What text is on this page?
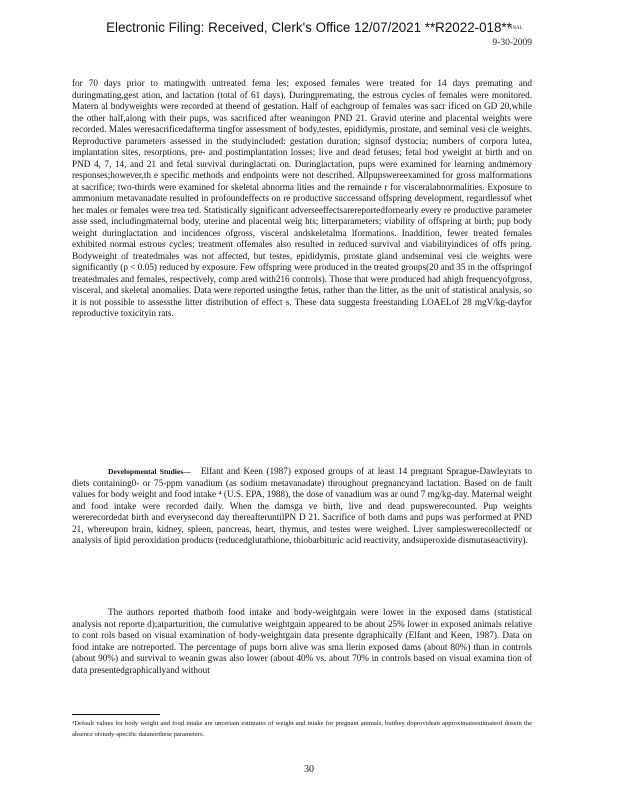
Electronic Filing: Received, Clerk's Office 12/07/2021 **R2022-018**
FINAL
9-30-2009

for 70 days prior to matingwith untreated fema les; exposed females were treated for 14 days premating and duringmating,gest ation, and lactation (total of 61 days). Duringpremating, the estrous cycles of females were monitored. Matern al bodyweights were recorded at theend of gestation. Half of eachgroup of females was sacr ificed on GD 20,while the other half,along with their pups, was sacrificed after weaningon PND 21. Gravid uterine and placental weights were recorded. Males weresacrificedafterma tingfor assessment of body,testes, epididymis, prostate, and seminal vesi cle weights. Reproductive parameters assessed in the studyincluded: gestation duration; signsof dystocia; numbers of corpora lutea, implantation sites, resorptions, pre- and postimplantation losses; live and dead fetuses; fetal bod yweight at birth and on PND 4, 7, 14, and 21 and fetal survival duringlactati on. Duringlactation, pups were examined for learning andmemory responses;however,th e specific methods and endpoints were not described. Allpupswereexamined for gross malformations at sacrifice; two-thirds were examined for skeletal abnorma lities and the remainde r for visceralabnormalities. Exposure to ammonium metavanadate resulted in profoundeffects on re productive successand offspring development, regardlessof whet her males or females were trea ted. Statistically significant adverseeffectsarereportedfornearly every re productive parameter asse ssed, includingmaternal body, uterine and placental weig hts; litterparameters; viability of offspring at birth; pup body weight duringlactation and incidences ofgross, visceral andskeletalma lformations. Inaddition, fewer treated females exhibited normal estrous cycles; treatment offemales also resulted in reduced survival and viabilityindices of offs pring. Bodyweight of treatedmales was not affected, but testes, epididymis, prostate gland andseminal vesi cle weights were significantly (p < 0.05) reduced by exposure. Few offspring were produced in the treated groups(20 and 35 in the offspringof treatedmales and females, respectively, comp ared with216 controls). Those that were produced had ahigh frequencyofgross, visceral, and skeletal anomalies. Data were reported usingthe fetus, rather than the litter, as the unit of statistical analysis, so it is not possible to assessthe litter distribution of effect s. These data suggesta freestanding LOAELof 28 mgV/kg-dayfor reproductive toxicityin rats.

Developmental Studies— Elfant and Keen (1987) exposed groups of at least 14 pregnant Sprague-Dawleyrats to diets containing0- or 75-ppm vanadium (as sodium metavanadate) throughout pregnancyand lactation. Based on de fault values for body weight and food intake ⁴ (U.S. EPA, 1988), the dose of vanadium was ar ound 7 mg/kg-day. Maternal weight and food intake were recorded daily. When the damsga ve birth, live and dead pupswerecounted. Pup weights wererecordedat birth and everysecond day thereafteruntilPN D 21. Sacrifice of both dams and pups was performed at PND 21, whereupon brain, kidney, spleen, pancreas, heart, thymus, and testes were weighed. Liver sampleswerecollectedf or analysis of lipid peroxidation products (reducedglutathione, thiobarbituric acid reactivity, andsuperoxide dismutaseactivity).

The authors reported thatboth food intake and body-weightgain were lower in the exposed dams (statistical analysis not reporte d);atparturition, the cumulative weightgain appeared to be about 25% lower in exposed animals relative to cont rols based on visual examination of body-weightgain data presente dgraphically (Elfant and Keen, 1987). Data on food intake are notreported. The percentage of pups born alive was sma llerin exposed dams (about 80%) than in controls (about 90%) and survival to weanin gwas also lower (about 40% vs. about 70% in controls based on visual examina tion of data presentedgraphicallyand without

⁴Default values for body weight and food intake are uncertain estimates of weight and intake for pregnant animals, butthey doprovidean approximateestimateof dosein the absence ofstudy-specific datanorthese parameters.
30
